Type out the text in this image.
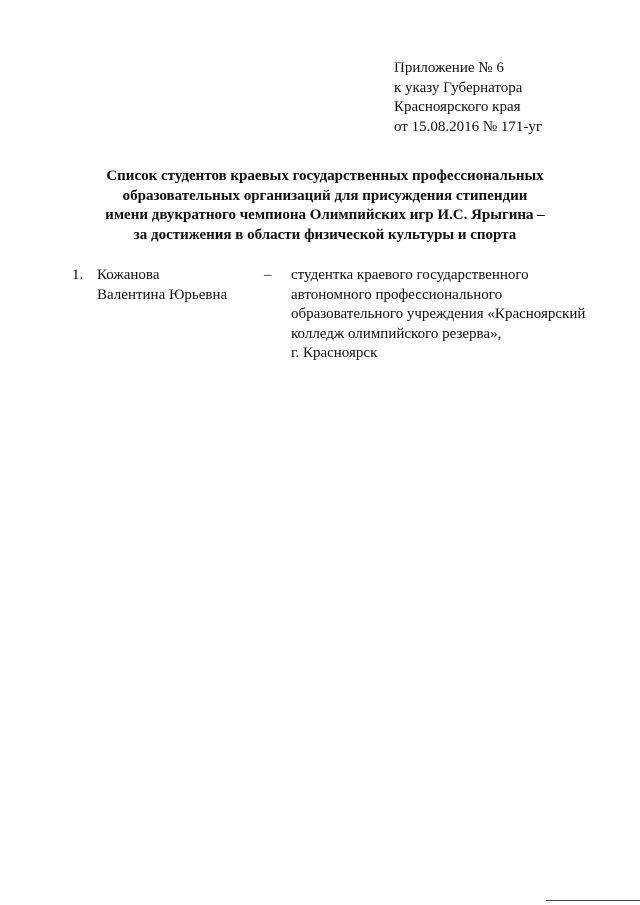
Приложение № 6
к указу Губернатора
Красноярского края
от 15.08.2016 № 171-уг
Список студентов краевых государственных профессиональных
образовательных организаций для присуждения стипендии
имени двукратного чемпиона Олимпийских игр И.С. Ярыгина –
за достижения в области физической культуры и спорта
1. Кожанова
Валентина Юрьевна
– студентка краевого государственного
автономного профессионального
образовательного учреждения «Красноярский
колледж олимпийского резерва»,
г. Красноярск
